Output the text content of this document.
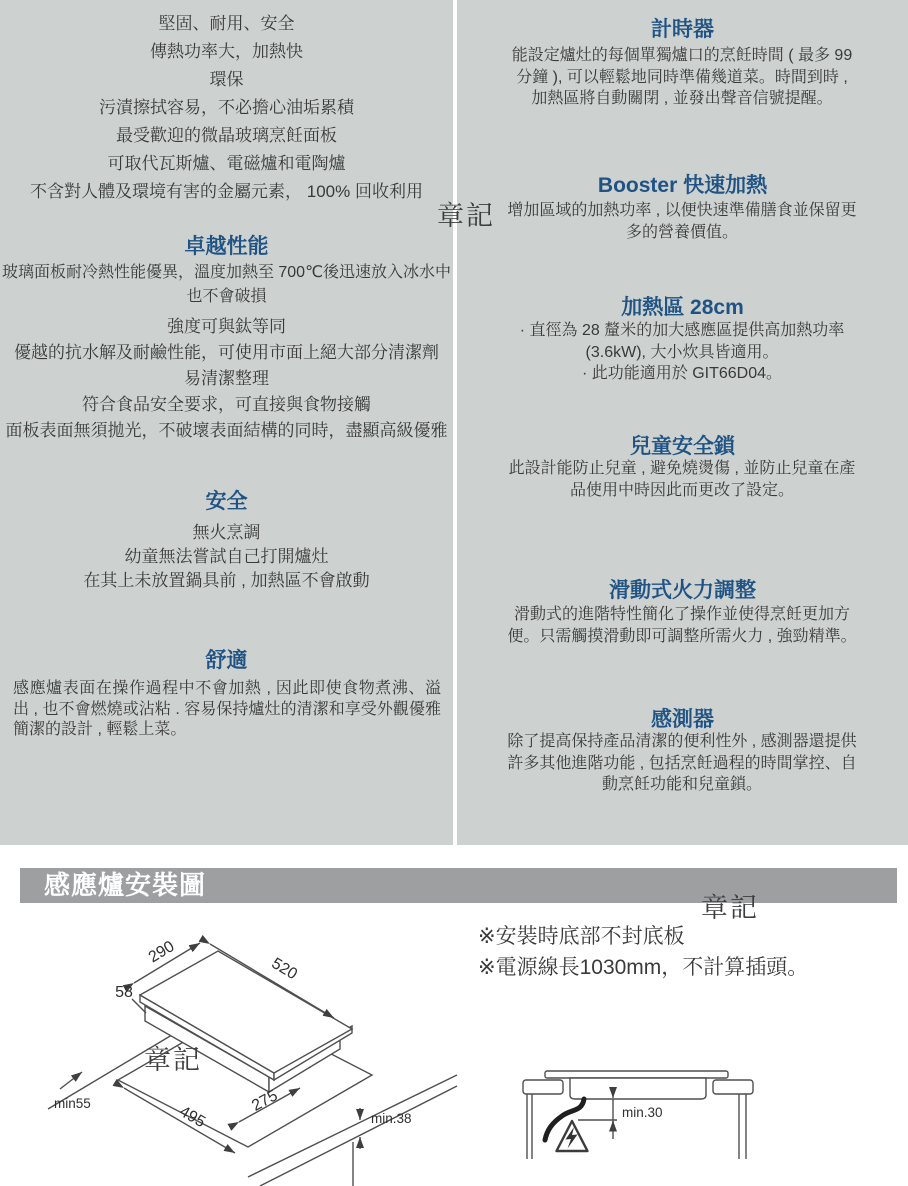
堅固、耐用、安全
傳熱功率大，加熱快
環保
污漬擦拭容易，不必擔心油垢累積
最受歡迎的微晶玻璃烹飪面板
可取代瓦斯爐、電磁爐和電陶爐
不含對人體及環境有害的金屬元素， 100% 回收利用
卓越性能
玻璃面板耐冷熱性能優異，溫度加熱至 700℃後迅速放入冰水中也不會破損
強度可與鈦等同
優越的抗水解及耐鹼性能，可使用市面上絕大部分清潔劑
易清潔整理
符合食品安全要求，可直接與食物接觸
面板表面無須拋光，不破壞表面結構的同時，盡顯高級優雅
安全
無火烹調
幼童無法嘗試自己打開爐灶
在其上未放置鍋具前 , 加熱區不會啟動
舒適
感應爐表面在操作過程中不會加熱 , 因此即使食物煮沸、溢出 , 也不會燃燒或沾粘 . 容易保持爐灶的清潔和享受外觀優雅簡潔的設計 , 輕鬆上菜。
計時器
能設定爐灶的每個單獨爐口的烹飪時間 ( 最多 99 分鐘 ), 可以輕鬆地同時準備幾道菜。時間到時 , 加熱區將自動關閉 , 並發出聲音信號提醒。
Booster 快速加熱
增加區域的加熱功率 , 以便快速準備膳食並保留更多的營養價值。
加熱區 28cm

· 直徑為 28 釐米的加大感應區提供高加熱功率 (3.6kW), 大小炊具皆適用。

· 此功能適用於 GIT66D04。

兒童安全鎖
此設計能防止兒童 , 避免燒燙傷 , 並防止兒童在產品使用中時因此而更改了設定。
滑動式火力調整
滑動式的進階特性簡化了操作並使得烹飪更加方便。只需觸摸滑動即可調整所需火力 , 強勁精準。
感測器
除了提高保持產品清潔的便利性外 , 感測器還提供許多其他進階功能 , 包括烹飪過程的時間掌控、自動烹飪功能和兒童鎖。
章記
章記
章記
感應爐安裝圖
※安裝時底部不封底板
※電源線長1030mm，不計算插頭。
290
520
58
min55	495
275
min.38	min.30
